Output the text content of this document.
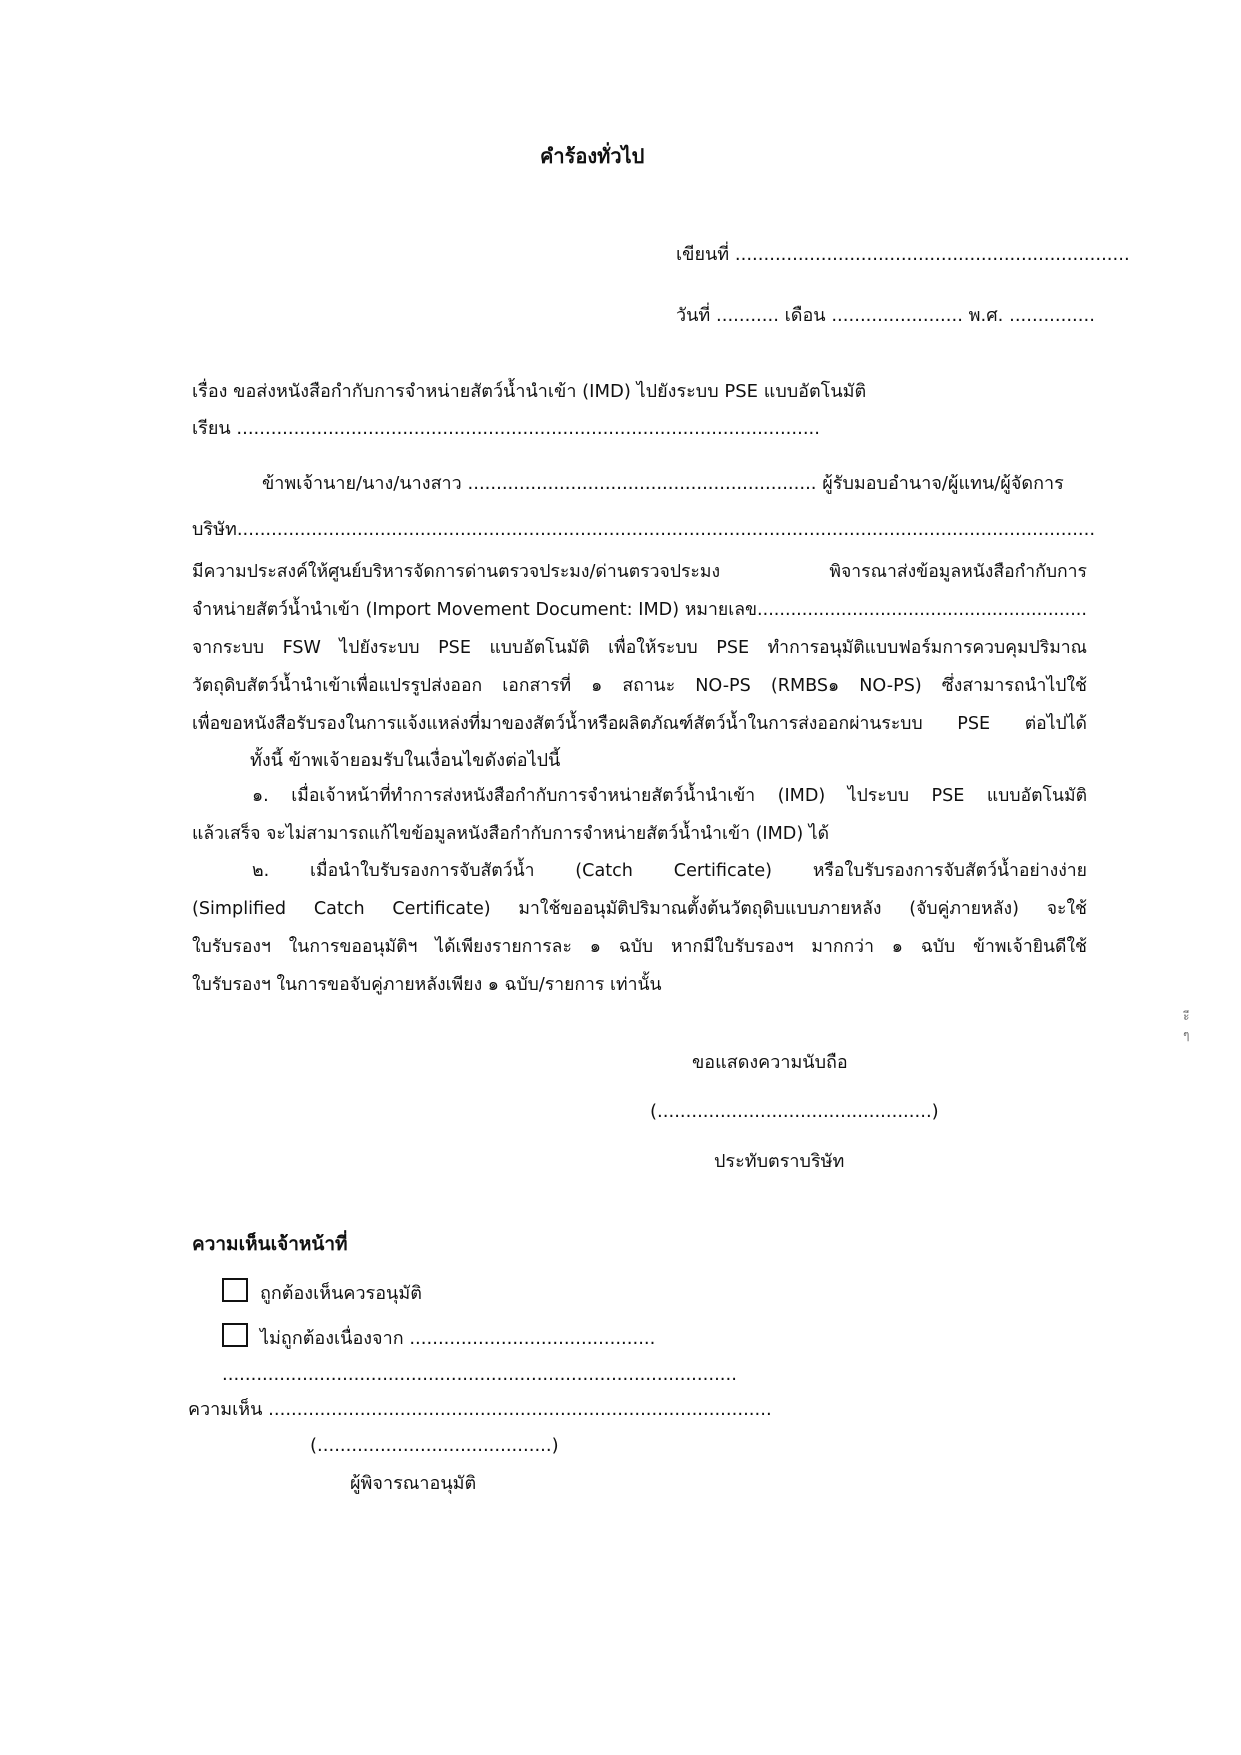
คำร้องทั่วไป
เขียนที่ .....................................................................
วันที่ ........... เดือน ....................... พ.ศ. ...............
เรื่อง ขอส่งหนังสือกำกับการจำหน่ายสัตว์น้ำนำเข้า (IMD) ไปยังระบบ PSE แบบอัตโนมัติ
เรียน ......................................................................................................
ข้าพเจ้านาย/นาง/นางสาว ............................................................. ผู้รับมอบอำนาจ/ผู้แทน/ผู้จัดการ
บริษัท......................................................................................................................................................
มีความประสงค์ให้ศูนย์บริหารจัดการด่านตรวจประมง/ด่านตรวจประมง พิจารณาส่งข้อมูลหนังสือกำกับการ
จำหน่ายสัตว์น้ำนำเข้า (Import Movement Document: IMD) หมายเลข...........................................................
จากระบบ FSW ไปยังระบบ PSE แบบอัตโนมัติ เพื่อให้ระบบ PSE ทำการอนุมัติแบบฟอร์มการควบคุมปริมาณ
วัตถุดิบสัตว์น้ำนำเข้าเพื่อแปรรูปส่งออก เอกสารที่ ๑ สถานะ NO-PS (RMBS๑ NO-PS) ซึ่งสามารถนำไปใช้
เพื่อขอหนังสือรับรองในการแจ้งแหล่งที่มาของสัตว์น้ำหรือผลิตภัณฑ์สัตว์น้ำในการส่งออกผ่านระบบ PSE ต่อไปได้
ทั้งนี้ ข้าพเจ้ายอมรับในเงื่อนไขดังต่อไปนี้
๑. เมื่อเจ้าหน้าที่ทำการส่งหนังสือกำกับการจำหน่ายสัตว์น้ำนำเข้า (IMD) ไประบบ PSE แบบอัตโนมัติ
แล้วเสร็จ จะไม่สามารถแก้ไขข้อมูลหนังสือกำกับการจำหน่ายสัตว์น้ำนำเข้า (IMD) ได้
๒. เมื่อนำใบรับรองการจับสัตว์น้ำ (Catch Certificate) หรือใบรับรองการจับสัตว์น้ำอย่างง่าย
(Simplified Catch Certificate) มาใช้ขออนุมัติปริมาณตั้งต้นวัตถุดิบแบบภายหลัง (จับคู่ภายหลัง) จะใช้
ใบรับรองฯ ในการขออนุมัติฯ ได้เพียงรายการละ ๑ ฉบับ หากมีใบรับรองฯ มากกว่า ๑ ฉบับ ข้าพเจ้ายินดีใช้
ใบรับรองฯ ในการขอจับคู่ภายหลังเพียง ๑ ฉบับ/รายการ เท่านั้น
ะี
ๆ
ขอแสดงความนับถือ
(................................................)
ประทับตราบริษัท
ความเห็นเจ้าหน้าที่
ถูกต้องเห็นควรอนุมัติ
ไม่ถูกต้องเนื่องจาก ...........................................
..........................................................................................
ความเห็น ........................................................................................
(.........................................)
ผู้พิจารณาอนุมัติ
